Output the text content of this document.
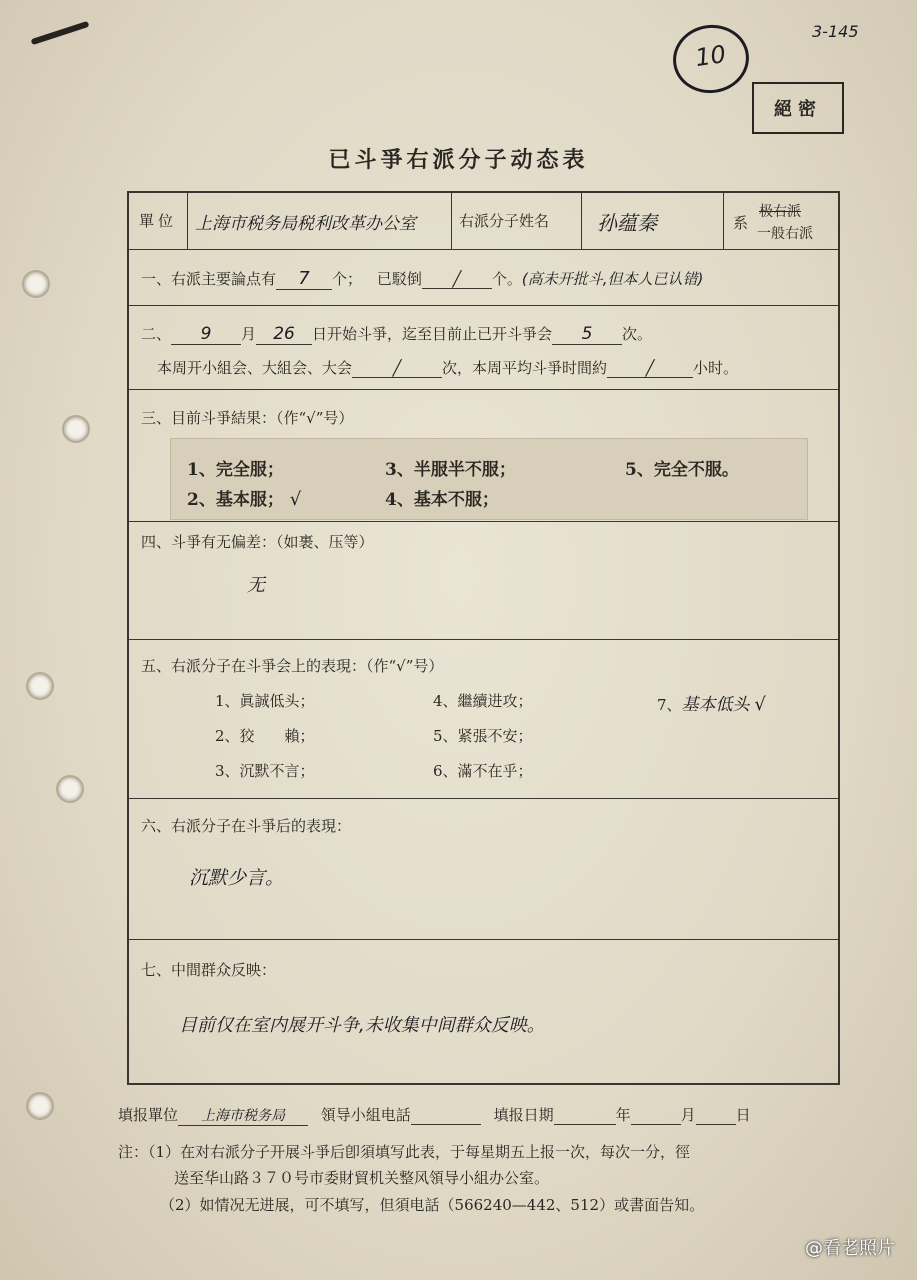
3-145
10
絕密
已斗爭右派分子动态表
單位 上海市税务局税利改革办公室	右派分子姓名 孙蕴秦	系
极右派
一般右派
一、右派主要論点有 7 个； 已駁倒 ╱ 个。(高未开批斗,但本人已认错)
二、 9 月 26 日开始斗爭，迄至目前止已开斗爭会 5 次。
本周开小組会、大組会、大会	╱	次，本周平均斗爭时間約	╱	小时。
三、目前斗爭結果：（作“√”号）
四、斗爭有无偏差：（如裹、压等）
无
五、右派分子在斗爭会上的表現：（作“√”号）
1、眞誠低头；
2、狡　　賴；
3、沉默不言；
4、繼續进攻；
5、紧張不安；
6、滿不在乎；
7、基本低头 √
六、右派分子在斗爭后的表現：
沉默少言。
七、中間群众反映：
目前仅在室内展开斗争,未收集中间群众反映。
1、完全服；
2、基本服； √
3、半服半不服；
4、基本不服；
5、完全不服。
填报單位 上海市税务局 領导小組电話	填报日期	年	月	日
注：（1）在对右派分子开展斗爭后卽須填写此表，于每星期五上报一次，每次一分，徑
送至华山路３７０号市委財貿机关整风領导小組办公室。
（2）如情况无进展，可不填写，但須电話（566240—442、512）或書面告知。
@看老照片
